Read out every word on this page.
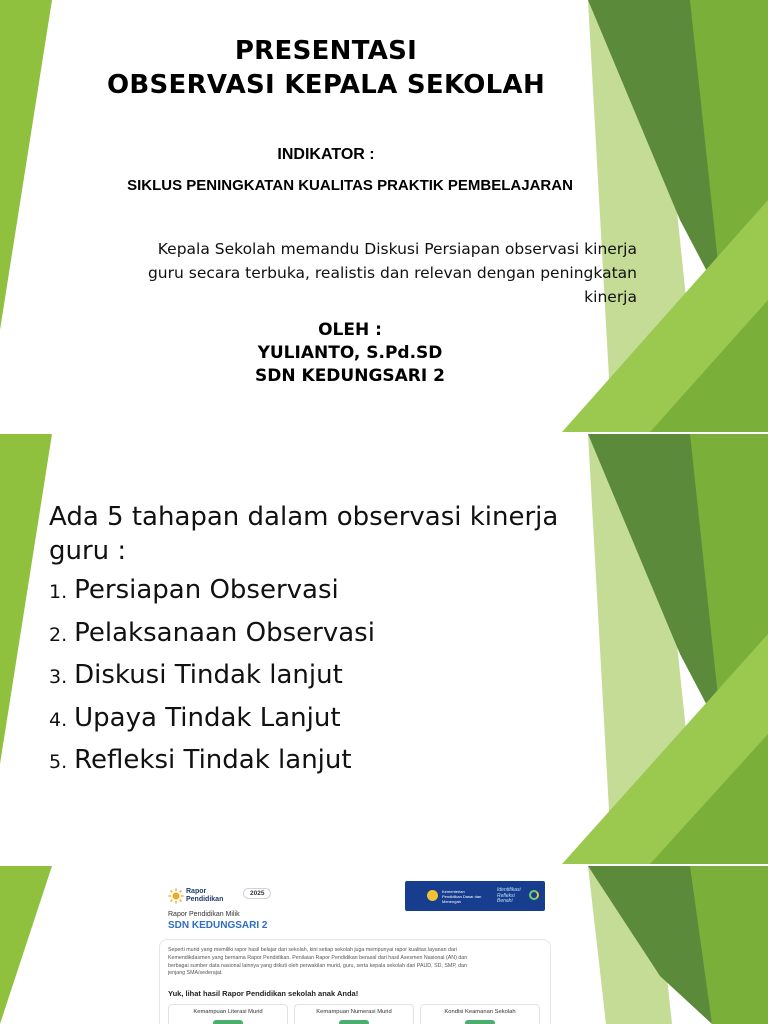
PRESENTASI
OBSERVASI KEPALA SEKOLAH
INDIKATOR :
SIKLUS PENINGKATAN KUALITAS PRAKTIK PEMBELAJARAN
Kepala Sekolah memandu Diskusi Persiapan observasi kinerja
guru secara terbuka, realistis dan relevan dengan peningkatan
kinerja
OLEH :
YULIANTO, S.Pd.SD
SDN KEDUNGSARI 2
Ada 5 tahapan dalam observasi kinerja
guru :
1. Persiapan Observasi
2. Pelaksanaan Observasi
3. Diskusi Tindak lanjut
4. Upaya Tindak Lanjut
5. Refleksi Tindak lanjut
Rapor
Pendidikan
2025	Kementerian
Pendidikan Dasar dan
Menengah
Identifikasi
Refleksi
Benahi
Rapor Pendidikan Milik
SDN KEDUNGSARI 2
Seperti murid yang memiliki rapor hasil belajar dari sekolah, kini setiap sekolah juga mempunyai rapor kualitas layanan dari
Kemendikdasmen yang bernama Rapor Pendidikan. Penilaian Rapor Pendidikan berasal dari hasil Asesmen Nasional (AN) dan
berbagai sumber data nasional lainnya yang diikuti oleh perwakilan murid, guru, serta kepala sekolah dari PAUD, SD, SMP, dan
jenjang SMA/sederajat.
Yuk, lihat hasil Rapor Pendidikan sekolah anak Anda!
Kemampuan Literasi Murid	Kemampuan Numerasi Murid	Kondisi Keamanan Sekolah
